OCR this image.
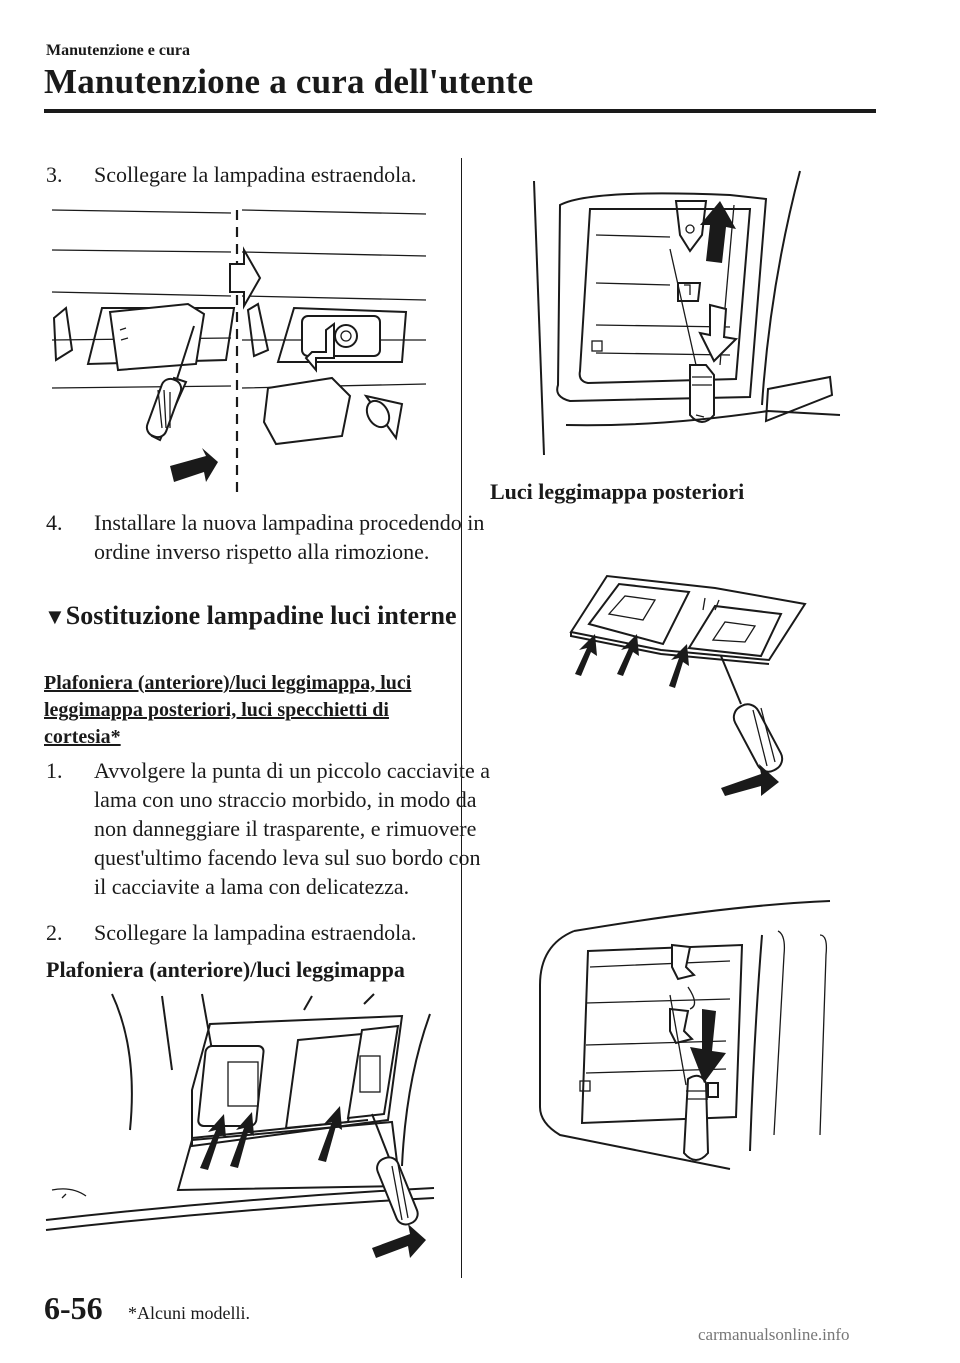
Manutenzione e cura
Manutenzione a cura dell'utente
3. Scollegare la lampadina estraendola.
4. Installare la nuova lampadina procedendo in ordine inverso rispetto alla rimozione.
▼Sostituzione lampadine luci interne
Plafoniera (anteriore)/luci leggimappa, luci leggimappa posteriori, luci specchietti di cortesia*
1. Avvolgere la punta di un piccolo cacciavite a lama con uno straccio morbido, in modo da non danneggiare il trasparente, e rimuovere quest'ultimo facendo leva sul suo bordo con il cacciavite a lama con delicatezza.
2. Scollegare la lampadina estraendola.
Plafoniera (anteriore)/luci leggimappa
Luci leggimappa posteriori
6-56 *Alcuni modelli.
carmanualsonline.info
